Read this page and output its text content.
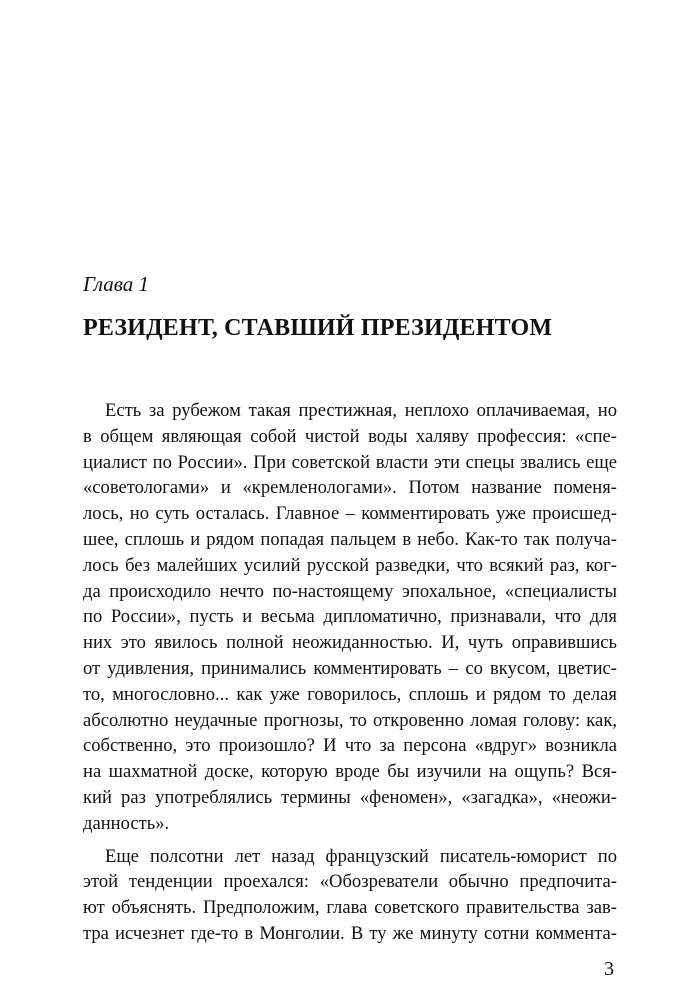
Глава 1
РЕЗИДЕНТ, СТАВШИЙ ПРЕЗИДЕНТОМ

Есть за рубежом такая престижная, неплохо оплачиваемая, но
в общем являющая собой чистой воды халяву профессия: «спе-
циалист по России». При советской власти эти спецы звались еще
«советологами» и «кремленологами». Потом название поменя-
лось, но суть осталась. Главное – комментировать уже происшед-
шее, сплошь и рядом попадая пальцем в небо. Как-то так получа-
лось без малейших усилий русской разведки, что всякий раз, ког-
да происходило нечто по-настоящему эпохальное, «специалисты
по России», пусть и весьма дипломатично, признавали, что для
них это явилось полной неожиданностью. И, чуть оправившись
от удивления, принимались комментировать – со вкусом, цветис-
то, многословно... как уже говорилось, сплошь и рядом то делая
абсолютно неудачные прогнозы, то откровенно ломая голову: как,
собственно, это произошло? И что за персона «вдруг» возникла
на шахматной доске, которую вроде бы изучили на ощупь? Вся-
кий раз употреблялись термины «феномен», «загадка», «неожи-
данность».

Еще полсотни лет назад французский писатель-юморист по
этой тенденции проехался: «Обозреватели обычно предпочита-
ют объяснять. Предположим, глава советского правительства зав-
тра исчезнет где-то в Монголии. В ту же минуту сотни коммента-

3
